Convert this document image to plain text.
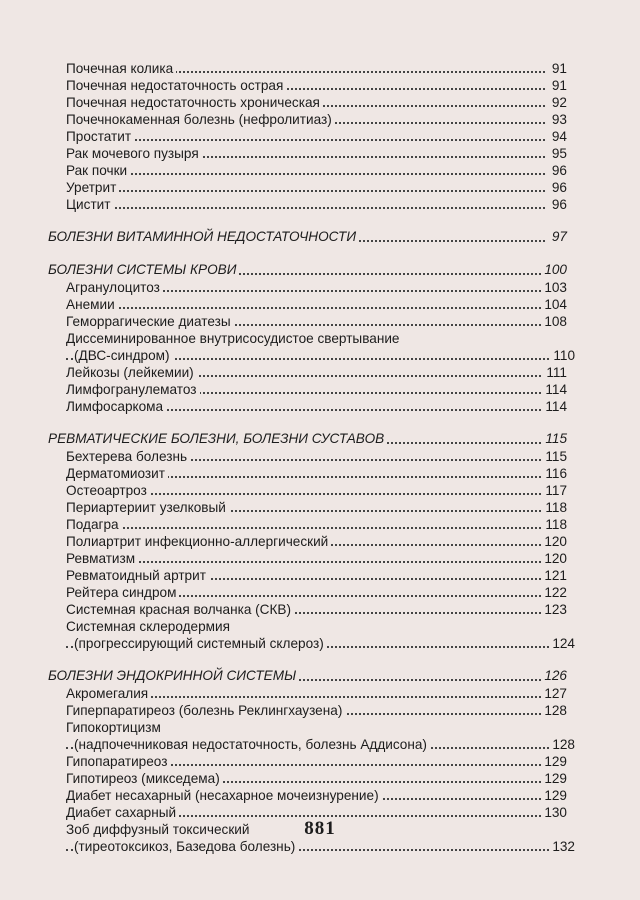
Почечная колика	91
Почечная недостаточность острая	91
Почечная недостаточность хроническая	92
Почечнокаменная болезнь (нефролитиаз)	93
Простатит	94
Рак мочевого пузыря	95
Рак почки	96
Уретрит	96
Цистит	96
БОЛЕЗНИ ВИТАМИННОЙ НЕДОСТАТОЧНОСТИ	97
БОЛЕЗНИ СИСТЕМЫ КРОВИ	100
Агранулоцитоз	103
Анемии	104
Геморрагические диатезы	108
Диссеминированное внутрисосудистое свертывание
(ДВС-синдром)	110
Лейкозы (лейкемии)	111
Лимфогранулематоз	114
Лимфосаркома	114
РЕВМАТИЧЕСКИЕ БОЛЕЗНИ, БОЛЕЗНИ СУСТАВОВ	115
Бехтерева болезнь	115
Дерматомиозит	116
Остеоартроз	117
Периартериит узелковый	118
Подагра	118
Полиартрит инфекционно-аллергический	120
Ревматизм	120
Ревматоидный артрит	121
Рейтера синдром	122
Системная красная волчанка (СКВ)	123
Системная склеродермия
(прогрессирующий системный склероз)	124
БОЛЕЗНИ ЭНДОКРИННОЙ СИСТЕМЫ	126
Акромегалия	127
Гиперпаратиреоз (болезнь Реклингхаузена)	128
Гипокортицизм
(надпочечниковая недостаточность, болезнь Аддисона)	128
Гипопаратиреоз	129
Гипотиреоз (микседема)	129
Диабет несахарный (несахарное мочеизнурение)	129
Диабет сахарный	130
Зоб диффузный токсический
(тиреотоксикоз, Базедова болезнь)	132
881
